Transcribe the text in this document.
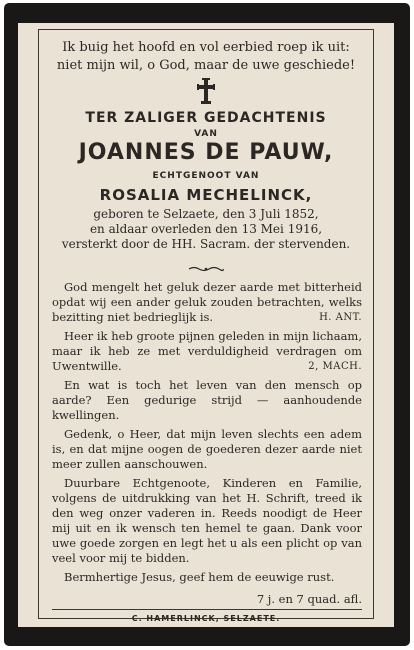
Ik buig het hoofd en vol eerbied roep ik uit:
niet mijn wil, o God, maar de uwe geschiede!
TER ZALIGER GEDACHTENIS
VAN
JOANNES DE PAUW,
ECHTGENOOT VAN
ROSALIA MECHELINCK,
geboren te Selzaete, den 3 Juli 1852,
en aldaar overleden den 13 Mei 1916,
versterkt door de HH. Sacram. der stervenden.

God mengelt het geluk dezer aarde met bitterheid opdat wij een ander geluk zouden betrachten, welks bezitting niet bedrieglijk is.	H. ANT.

Heer ik heb groote pijnen geleden in mijn lichaam, maar ik heb ze met verduldigheid verdragen om Uwentwille.	2, MACH.

En wat is toch het leven van den mensch op aarde? Een gedurige strijd — aanhoudende kwellingen.

Gedenk, o Heer, dat mijn leven slechts een adem is, en dat mijne oogen de goederen dezer aarde niet meer zullen aanschouwen.

Duurbare Echtgenoote, Kinderen en Familie, volgens de uitdrukking van het H. Schrift, treed ik den weg onzer vaderen in. Reeds noodigt de Heer mij uit en ik wensch ten hemel te gaan. Dank voor uwe goede zorgen en legt het u als een plicht op van veel voor mij te bidden.

Bermhertige Jesus, geef hem de eeuwige rust.

7 j. en 7 quad. afl.
C. HAMERLINCK, SELZAETE.
